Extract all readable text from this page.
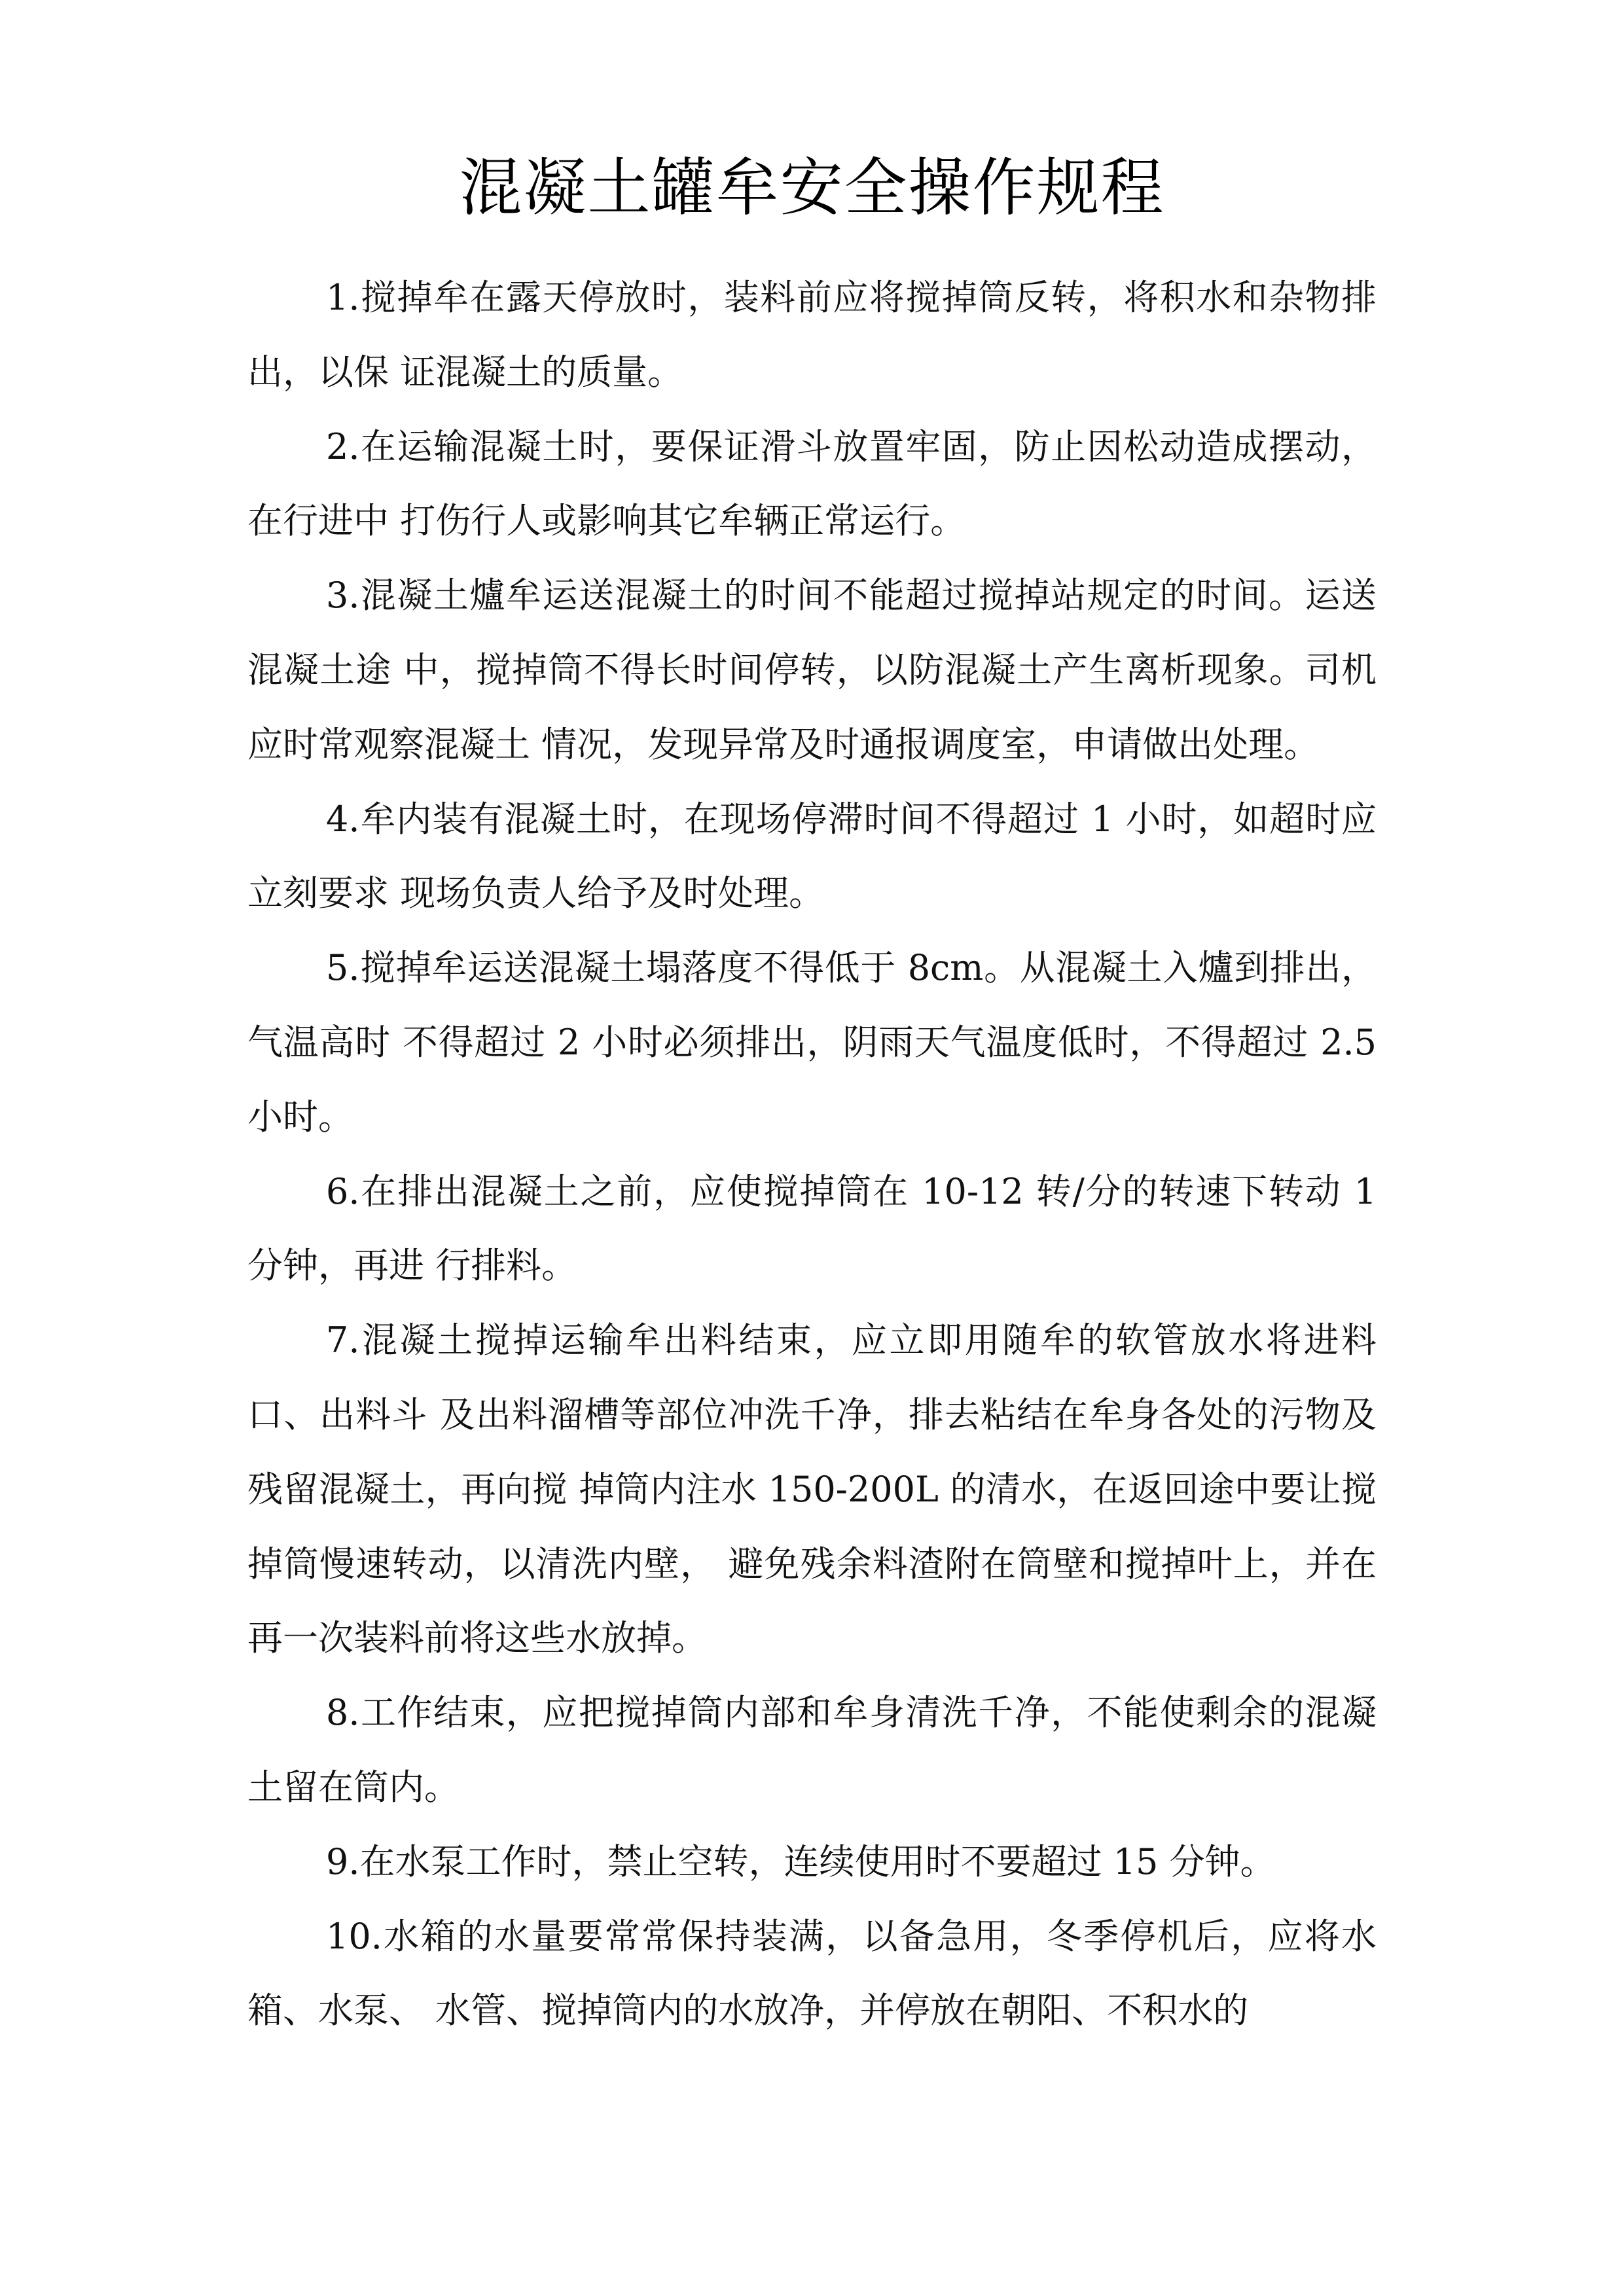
混凝土罐牟安全操作规程

1.搅掉牟在露天停放时，装料前应将搅掉筒反转，将积水和杂物排出，以保 证混凝土的质量。

2.在运输混凝土时，要保证滑斗放置牢固，防止因松动造成摆动，在行进中 打伤行人或影响其它牟辆正常运行。

3.混凝土爐牟运送混凝土的时间不能超过搅掉站规定的时间。运送混凝土途 中，搅掉筒不得长时间停转，以防混凝土产生离析现象。司机应时常观察混凝土 情况，发现异常及时通报调度室，申请做出处理。

4.牟内装有混凝土时，在现场停滞时间不得超过 1 小时，如超时应立刻要求 现场负责人给予及时处理。

5.搅掉牟运送混凝土塌落度不得低于 8cm。从混凝土入爐到排出，气温高时 不得超过 2 小时必须排出，阴雨天气温度低时，不得超过 2.5 小时。

6.在排出混凝土之前，应使搅掉筒在 10-12 转/分的转速下转动 1 分钟，再进 行排料。

7.混凝土搅掉运输牟出料结束，应立即用随牟的软管放水将进料口、出料斗 及出料溜槽等部位冲洗千净，排去粘结在牟身各处的污物及残留混凝土，再向搅 掉筒内注水 150-200L 的清水，在返回途中要让搅掉筒慢速转动，以清洗内壁， 避免残余料渣附在筒壁和搅掉叶上，并在再一次装料前将这些水放掉。

8.工作结束，应把搅掉筒内部和牟身清洗千净，不能使剩余的混凝土留在筒内。

9.在水泵工作时，禁止空转，连续使用时不要超过 15 分钟。

10.水箱的水量要常常保持装满，以备急用，冬季停机后，应将水箱、水泵、 水管、搅掉筒内的水放净，并停放在朝阳、不积水的
